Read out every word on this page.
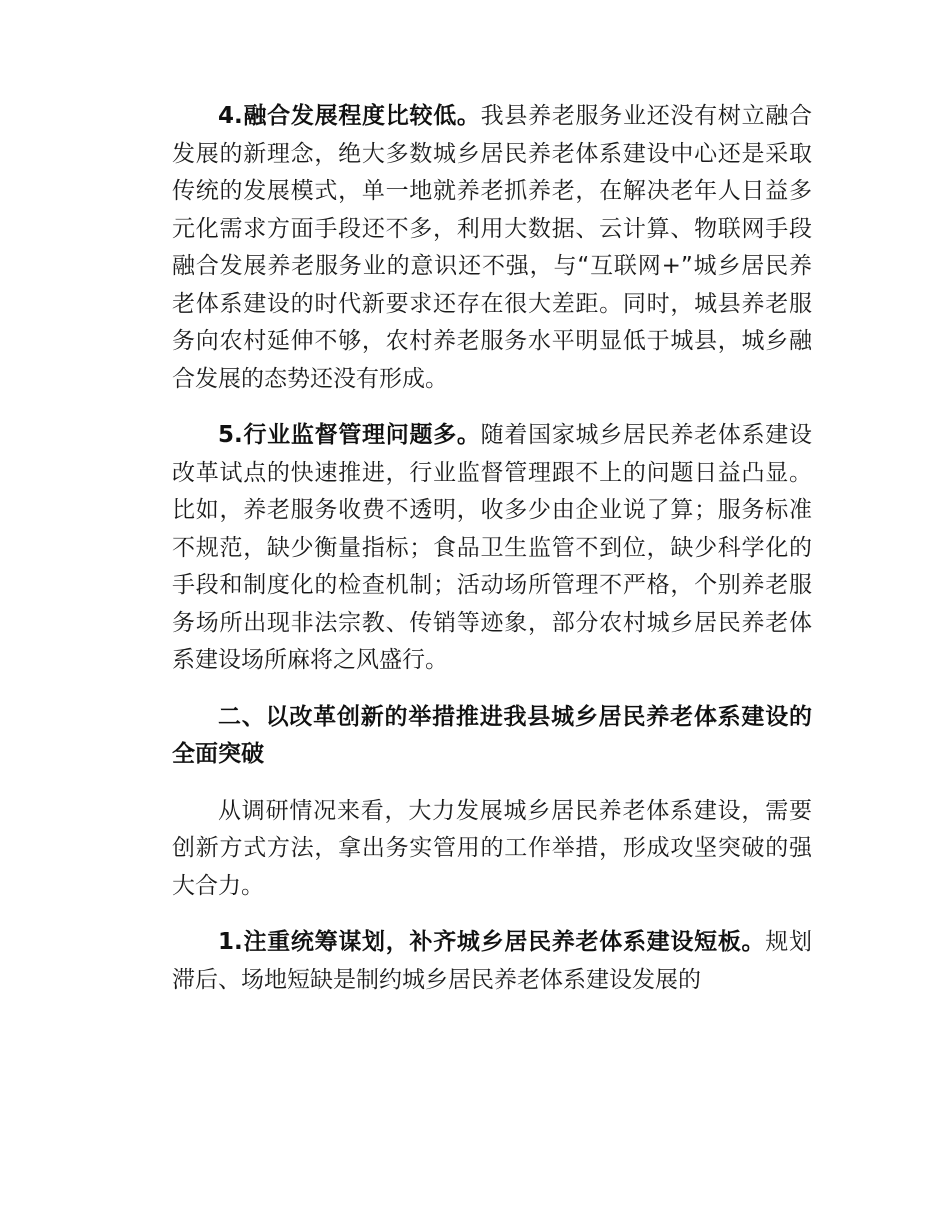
4.融合发展程度比较低。我县养老服务业还没有树立融合发展的新理念，绝大多数城乡居民养老体系建设中心还是采取传统的发展模式，单一地就养老抓养老，在解决老年人日益多元化需求方面手段还不多，利用大数据、云计算、物联网手段融合发展养老服务业的意识还不强，与“互联网+”城乡居民养老体系建设的时代新要求还存在很大差距。同时，城县养老服务向农村延伸不够，农村养老服务水平明显低于城县，城乡融合发展的态势还没有形成。

5.行业监督管理问题多。随着国家城乡居民养老体系建设改革试点的快速推进，行业监督管理跟不上的问题日益凸显。比如，养老服务收费不透明，收多少由企业说了算；服务标准不规范，缺少衡量指标；食品卫生监管不到位，缺少科学化的手段和制度化的检查机制；活动场所管理不严格，个别养老服务场所出现非法宗教、传销等迹象，部分农村城乡居民养老体系建设场所麻将之风盛行。

二、以改革创新的举措推进我县城乡居民养老体系建设的全面突破

从调研情况来看，大力发展城乡居民养老体系建设，需要创新方式方法，拿出务实管用的工作举措，形成攻坚突破的强大合力。

1.注重统筹谋划，补齐城乡居民养老体系建设短板。规划滞后、场地短缺是制约城乡居民养老体系建设发展的
